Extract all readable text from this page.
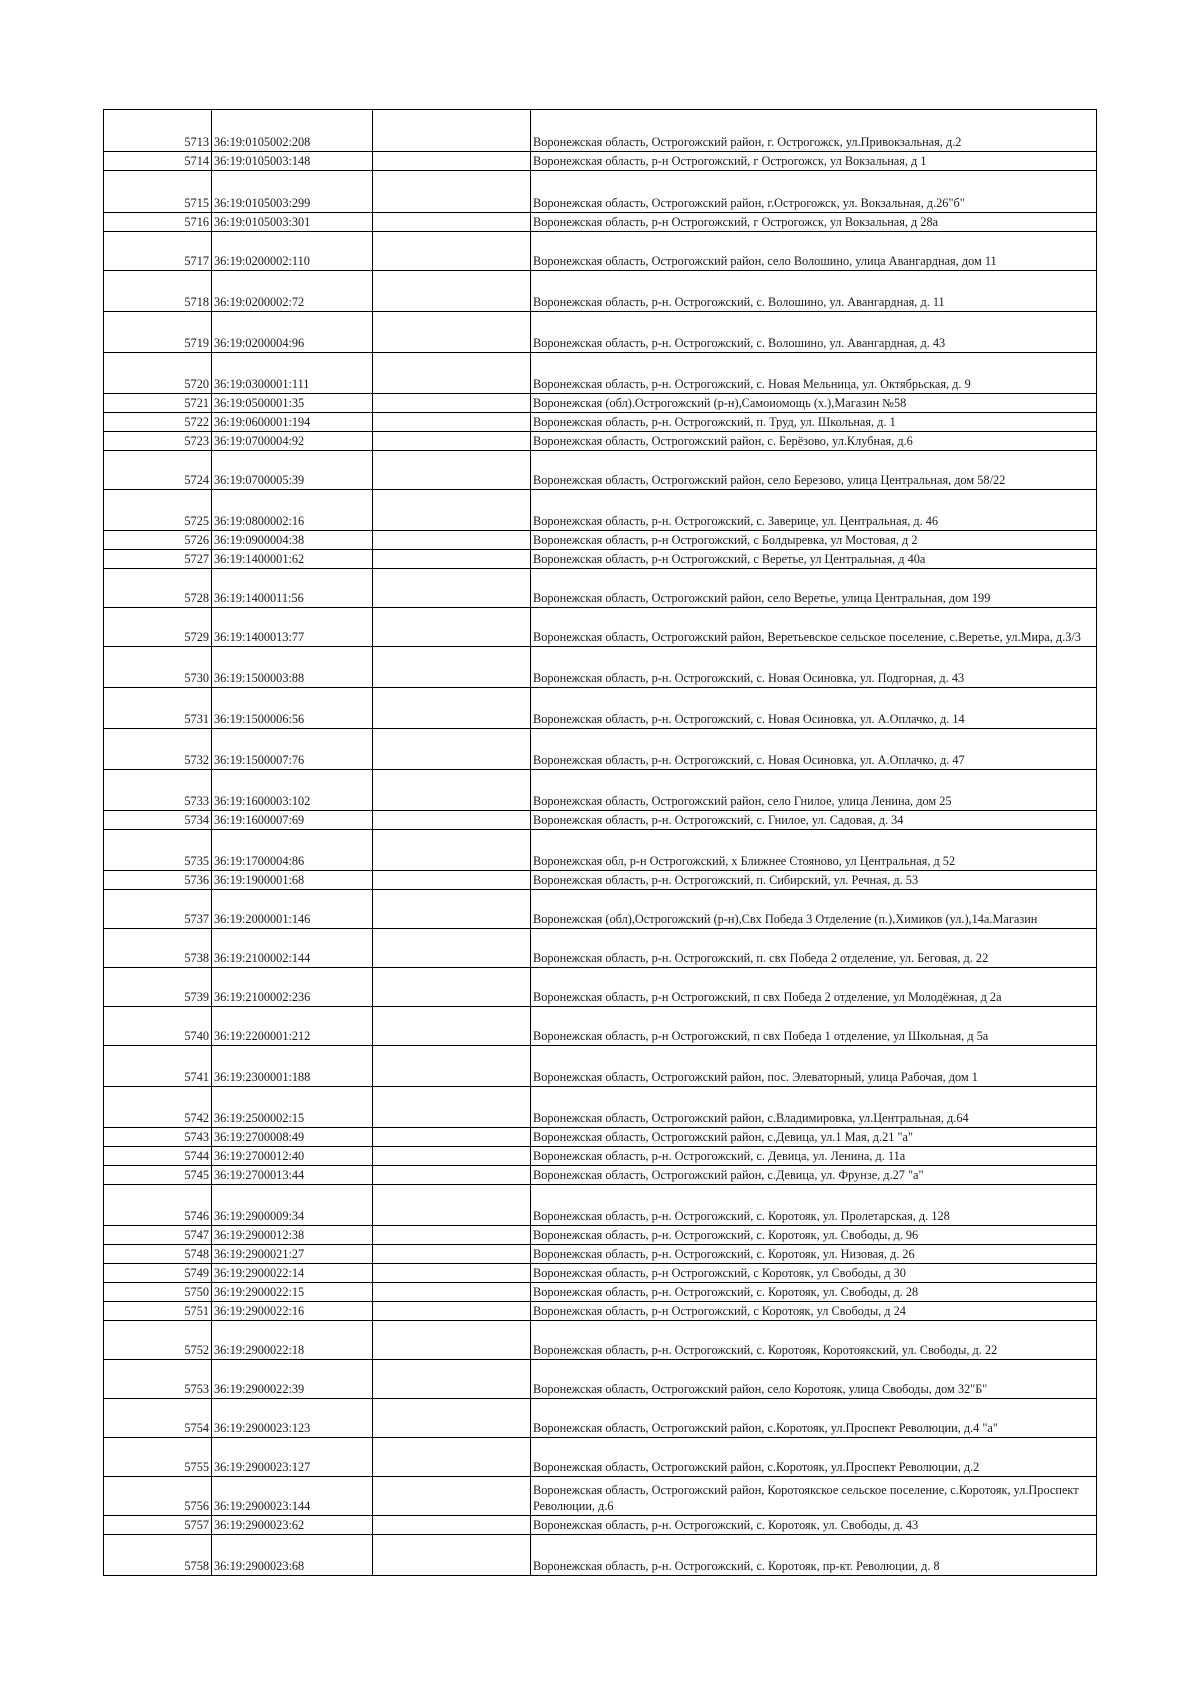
5713	36:19:0105002:208		Воронежская область, Острогожский район, г. Острогожск, ул.Привокзальная, д.2
5714	36:19:0105003:148		Воронежская область, р-н Острогожский, г Острогожск, ул Вокзальная, д 1
5715	36:19:0105003:299		Воронежская область, Острогожский район, г.Острогожск, ул. Вокзальная, д.26"б"
5716	36:19:0105003:301		Воронежская область, р-н Острогожский, г Острогожск, ул Вокзальная, д 28а
5717	36:19:0200002:110		Воронежская область, Острогожский район, село Волошино, улица Авангардная, дом 11
5718	36:19:0200002:72		Воронежская область, р-н. Острогожский, с. Волошино, ул. Авангардная, д. 11
5719	36:19:0200004:96		Воронежская область, р-н. Острогожский, с. Волошино, ул. Авангардная, д. 43
5720	36:19:0300001:111		Воронежская область, р-н. Острогожский, с. Новая Мельница, ул. Октябрьская, д. 9
5721	36:19:0500001:35		Воронежская (обл).Острогожский (р-н),Самоиомощь (х.),Магазин №58
5722	36:19:0600001:194		Воронежская область, р-н. Острогожский, п. Труд, ул. Школьная, д. 1
5723	36:19:0700004:92		Воронежская область, Острогожский район, с. Берёзово, ул.Клубная, д.6
5724	36:19:0700005:39		Воронежская область, Острогожский район, село Березово, улица Центральная, дом 58/22
5725	36:19:0800002:16		Воронежская область, р-н. Острогожский, с. Заверице, ул. Центральная, д. 46
5726	36:19:0900004:38		Воронежская область, р-н Острогожский, с Болдыревка, ул Мостовая, д 2
5727	36:19:1400001:62		Воронежская область, р-н Острогожский, с Веретье, ул Центральная, д 40а
5728	36:19:1400011:56		Воронежская область, Острогожский район, село Веретье, улица Центральная, дом 199
5729	36:19:1400013:77		Воронежская область, Острогожский район, Веретьевское сельское поселение, с.Веретье, ул.Мира, д.3/3
5730	36:19:1500003:88		Воронежская область, р-н. Острогожский, с. Новая Осиновка, ул. Подгорная, д. 43
5731	36:19:1500006:56		Воронежская область, р-н. Острогожский, с. Новая Осиновка, ул. А.Оплачко, д. 14
5732	36:19:1500007:76		Воронежская область, р-н. Острогожский, с. Новая Осиновка, ул. А.Оплачко, д. 47
5733	36:19:1600003:102		Воронежская область, Острогожский район, село Гнилое, улица Ленина, дом 25
5734	36:19:1600007:69		Воронежская область, р-н. Острогожский, с. Гнилое, ул. Садовая, д. 34
5735	36:19:1700004:86		Воронежская обл, р-н Острогожский, х Ближнее Стояново, ул Центральная, д 52
5736	36:19:1900001:68		Воронежская область, р-н. Острогожский, п. Сибирский, ул. Речная, д. 53
5737	36:19:2000001:146		Воронежская (обл),Острогожский (р-н),Свх Победа 3 Отделение (п.),Химиков (ул.),14а.Магазин
5738	36:19:2100002:144		Воронежская область, р-н. Острогожский, п. свх Победа 2 отделение, ул. Беговая, д. 22
5739	36:19:2100002:236		Воронежская область, р-н Острогожский, п свх Победа 2 отделение, ул Молодёжная, д 2а
5740	36:19:2200001:212		Воронежская область, р-н Острогожский, п свх Победа 1 отделение, ул Школьная, д 5а
5741	36:19:2300001:188		Воронежская область, Острогожский район, пос. Элеваторный, улица Рабочая, дом 1
5742	36:19:2500002:15		Воронежская область, Острогожский район, с.Владимировка, ул.Центральная, д.64
5743	36:19:2700008:49		Воронежская область, Острогожский район, с.Девица, ул.1 Мая, д.21 "а"
5744	36:19:2700012:40		Воронежская область, р-н. Острогожский, с. Девица, ул. Ленина, д. 11а
5745	36:19:2700013:44		Воронежская область, Острогожский район, с.Девица, ул. Фрунзе, д.27 "а"
5746	36:19:2900009:34		Воронежская область, р-н. Острогожский, с. Коротояк, ул. Пролетарская, д. 128
5747	36:19:2900012:38		Воронежская область, р-н. Острогожский, с. Коротояк, ул. Свободы, д. 96
5748	36:19:2900021:27		Воронежская область, р-н. Острогожский, с. Коротояк, ул. Низовая, д. 26
5749	36:19:2900022:14		Воронежская область, р-н Острогожский, с Коротояк, ул Свободы, д 30
5750	36:19:2900022:15		Воронежская область, р-н. Острогожский, с. Коротояк, ул. Свободы, д. 28
5751	36:19:2900022:16		Воронежская область, р-н Острогожский, с Коротояк, ул Свободы, д 24
5752	36:19:2900022:18		Воронежская область, р-н. Острогожский, с. Коротояк, Коротоякский, ул. Свободы, д. 22
5753	36:19:2900022:39		Воронежская область, Острогожский район, село Коротояк, улица Свободы, дом 32"Б"
5754	36:19:2900023:123		Воронежская область, Острогожский район, с.Коротояк, ул.Проспект Революции, д.4 "а"
5755	36:19:2900023:127		Воронежская область, Острогожский район, с.Коротояк, ул.Проспект Революции, д.2
5756	36:19:2900023:144		Воронежская область, Острогожский район, Коротоякское сельское поселение, с.Коротояк, ул.Проспект Революции, д.6
5757	36:19:2900023:62		Воронежская область, р-н. Острогожский, с. Коротояк, ул. Свободы, д. 43
5758	36:19:2900023:68		Воронежская область, р-н. Острогожский, с. Коротояк, пр-кт. Революции, д. 8
